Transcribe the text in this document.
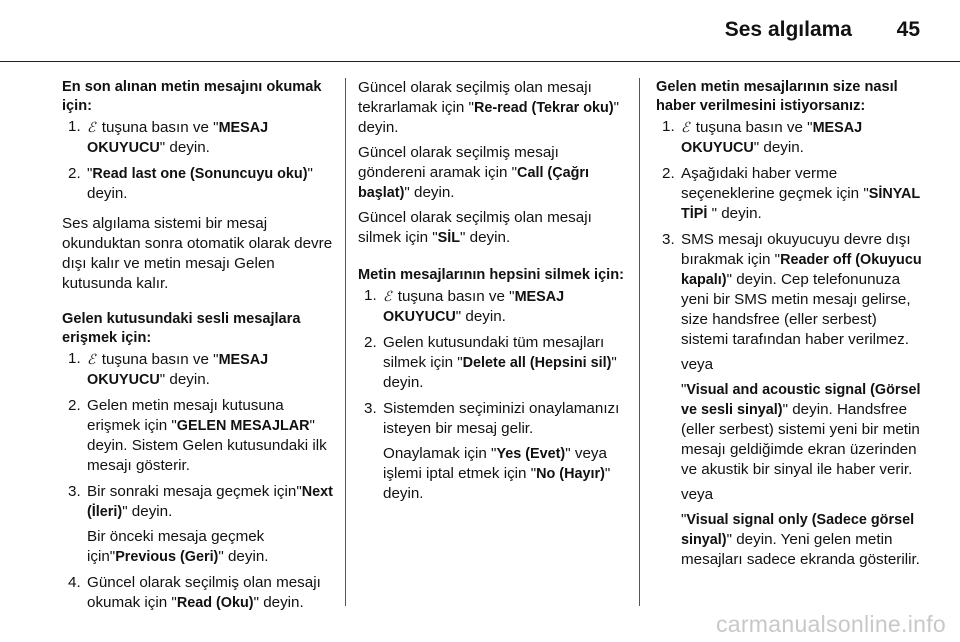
Ses algılama 45
En son alınan metin mesajını okumak için:
1. ℰ tuşuna basın ve "MESAJ OKUYUCU" deyin.
2. "Read last one (Sonuncuyu oku)" deyin.

Ses algılama sistemi bir mesaj okunduktan sonra otomatik olarak devre dışı kalır ve metin mesajı Gelen kutusunda kalır.

Gelen kutusundaki sesli mesajlara erişmek için:
1. ℰ tuşuna basın ve "MESAJ OKUYUCU" deyin.
2. Gelen metin mesajı kutusuna erişmek için "GELEN MESAJLAR" deyin. Sistem Gelen kutusundaki ilk mesajı gösterir.
3. Bir sonraki mesaja geçmek için"Next (İleri)" deyin.

Bir önceki mesaja geçmek için"Previous (Geri)" deyin.

4. Güncel olarak seçilmiş olan mesajı okumak için "Read (Oku)" deyin.

Güncel olarak seçilmiş olan mesajı tekrarlamak için "Re-read (Tekrar oku)" deyin.

Güncel olarak seçilmiş mesajı göndereni aramak için "Call (Çağrı başlat)" deyin.

Güncel olarak seçilmiş olan mesajı silmek için "SİL" deyin.

Metin mesajlarının hepsini silmek için:
1. ℰ tuşuna basın ve "MESAJ OKUYUCU" deyin.
2. Gelen kutusundaki tüm mesajları silmek için "Delete all (Hepsini sil)" deyin.
3. Sistemden seçiminizi onaylamanızı isteyen bir mesaj gelir.

Onaylamak için "Yes (Evet)" veya işlemi iptal etmek için "No (Hayır)" deyin.

Gelen metin mesajlarının size nasıl haber verilmesini istiyorsanız:
1. ℰ tuşuna basın ve "MESAJ OKUYUCU" deyin.
2. Aşağıdaki haber verme seçeneklerine geçmek için "SİNYAL TİPİ " deyin.
3. SMS mesajı okuyucuyu devre dışı bırakmak için "Reader off (Okuyucu kapalı)" deyin. Cep telefonunuza yeni bir SMS metin mesajı gelirse, size handsfree (eller serbest) sistemi tarafından haber verilmez.

veya

"Visual and acoustic signal (Görsel ve sesli sinyal)" deyin. Handsfree (eller serbest) sistemi yeni bir metin mesajı geldiğimde ekran üzerinden ve akustik bir sinyal ile haber verir.

veya

"Visual signal only (Sadece görsel sinyal)" deyin. Yeni gelen metin mesajları sadece ekranda gösterilir.

carmanualsonline.info
